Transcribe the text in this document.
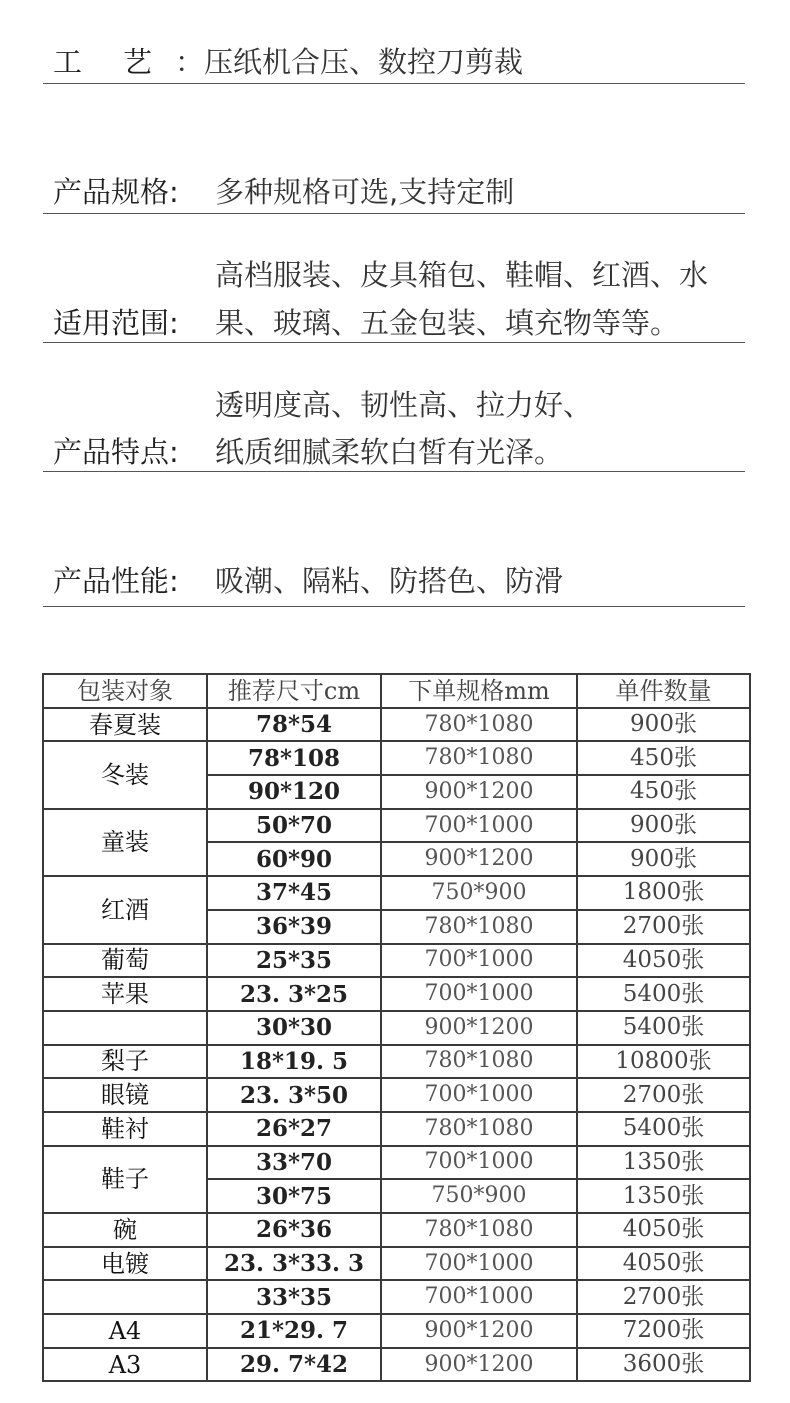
工 艺 ：压纸机合压、数控刀剪裁
产品规格: 多种规格可选,支持定制
适用范围:
高档服装、皮具箱包、鞋帽、红酒、水
果、玻璃、五金包装、填充物等等。
产品特点:
透明度高、韧性高、拉力好、
纸质细腻柔软白皙有光泽。
产品性能: 吸潮、隔粘、防搭色、防滑
包装对象	推荐尺寸cm	下单规格mm	单件数量
春夏装	78*54	780*1080	900张
冬装	78*108	780*1080	450张
	90*120	900*1200	450张
童装	50*70	700*1000	900张
	60*90	900*1200	900张
红酒	37*45	750*900	1800张
	36*39	780*1080	2700张
葡萄	25*35	700*1000	4050张
苹果	23. 3*25	700*1000	5400张
	30*30	900*1200	5400张
梨子	18*19. 5	780*1080	10800张
眼镜	23. 3*50	700*1000	2700张
鞋衬	26*27	780*1080	5400张
鞋子	33*70	700*1000	1350张
	30*75	750*900	1350张
碗	26*36	780*1080	4050张
电镀	23. 3*33. 3	700*1000	4050张
	33*35	700*1000	2700张
A4	21*29. 7	900*1200	7200张
A3	29. 7*42	900*1200	3600张
